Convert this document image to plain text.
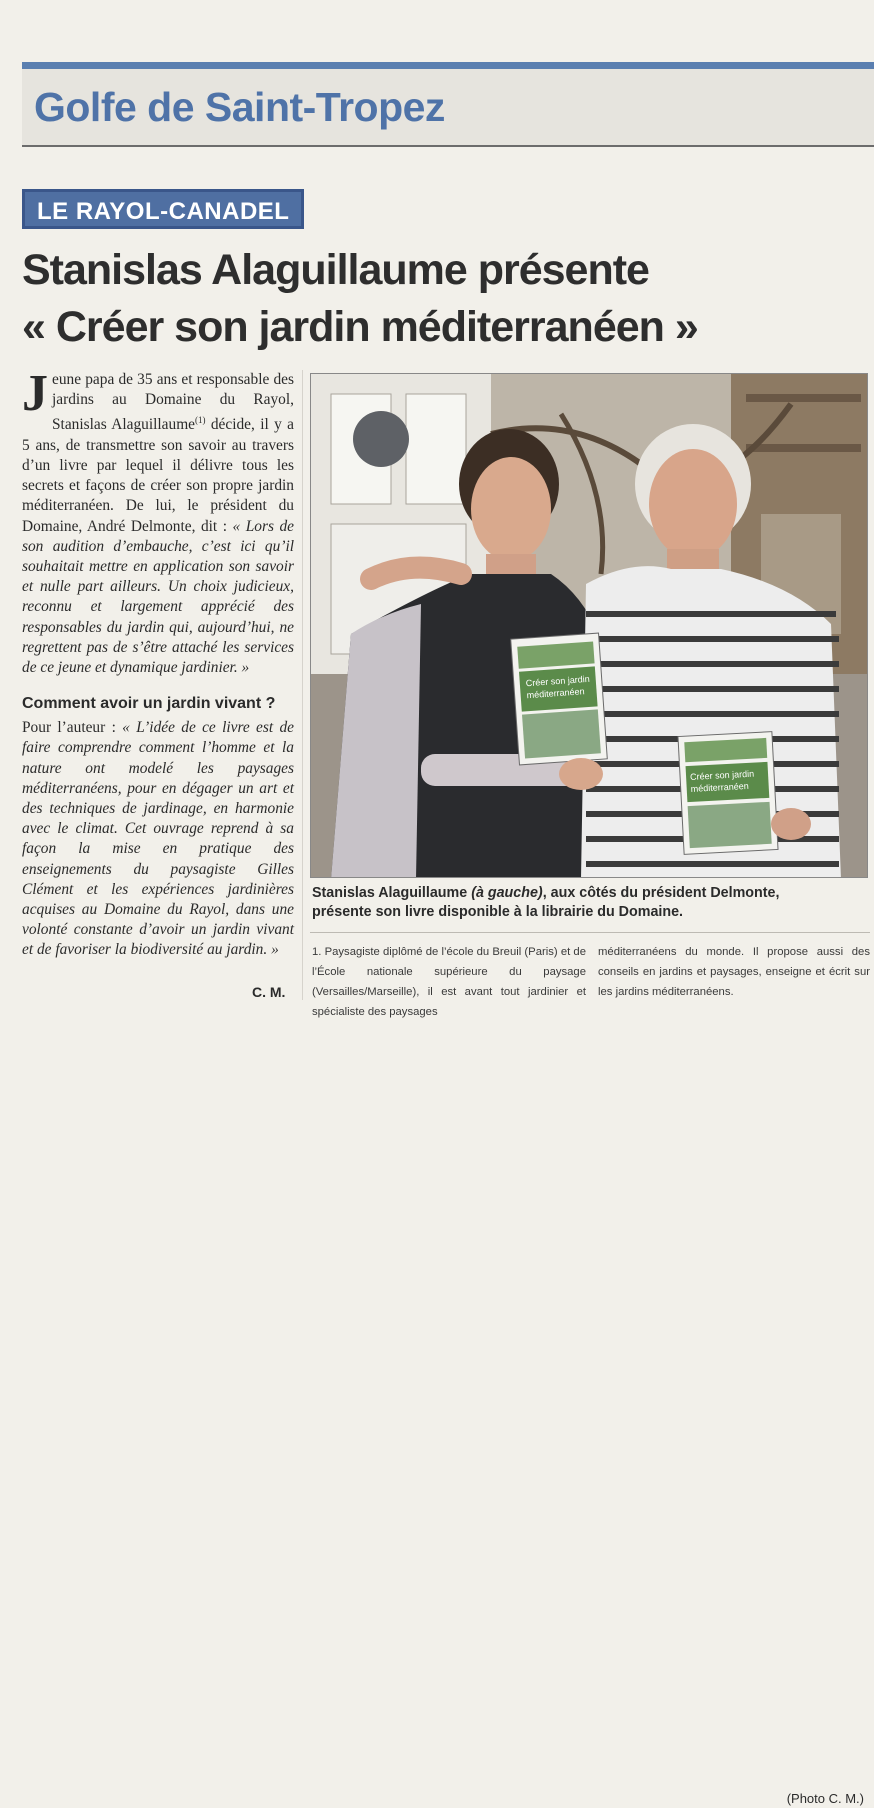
Golfe de Saint-Tropez
LE RAYOL-CANADEL
Stanislas Alaguillaume présente
« Créer son jardin méditerranéen »

Jeune papa de 35 ans et responsable des jardins au Domaine du Rayol, Stanislas Alaguillaume$^{(1)}$ décide, il y a 5 ans, de transmettre son savoir au travers d’un livre par lequel il délivre tous les secrets et façons de créer son propre jardin méditerranéen. De lui, le président du Domaine, André Delmonte, dit : « Lors de son audition d’embauche, c’est ici qu’il souhaitait mettre en application son savoir et nulle part ailleurs. Un choix judicieux, reconnu et largement apprécié des responsables du jardin qui, aujourd’hui, ne regrettent pas de s’être attaché les services de ce jeune et dynamique jardinier. »

Comment avoir un jardin vivant ?

Pour l’auteur : « L’idée de ce livre est de faire comprendre comment l’homme et la nature ont modelé les paysages méditerranéens, pour en dégager un art et des techniques de jardinage, en harmonie avec le climat. Cet ouvrage reprend à sa façon la mise en pratique des enseignements du paysagiste Gilles Clément et les expériences jardinières acquises au Domaine du Rayol, dans une volonté constante d’avoir un jardin vivant et de favoriser la biodiversité au jardin. »

C. M.
Créer son jardin
méditerranéen
Créer son jardin
méditerranéen
Stanislas Alaguillaume (à gauche), aux côtés du président Delmonte,
présente son livre disponible à la librairie du Domaine.
(Photo C. M.)
1. Paysagiste diplômé de l’école du Breuil (Paris) et de l’École nationale supérieure du paysage (Versailles/Marseille), il est avant tout jardinier et spécialiste des paysages
méditerranéens du monde. Il propose aussi des conseils en jardins et paysages, enseigne et écrit sur les jardins méditerranéens.
